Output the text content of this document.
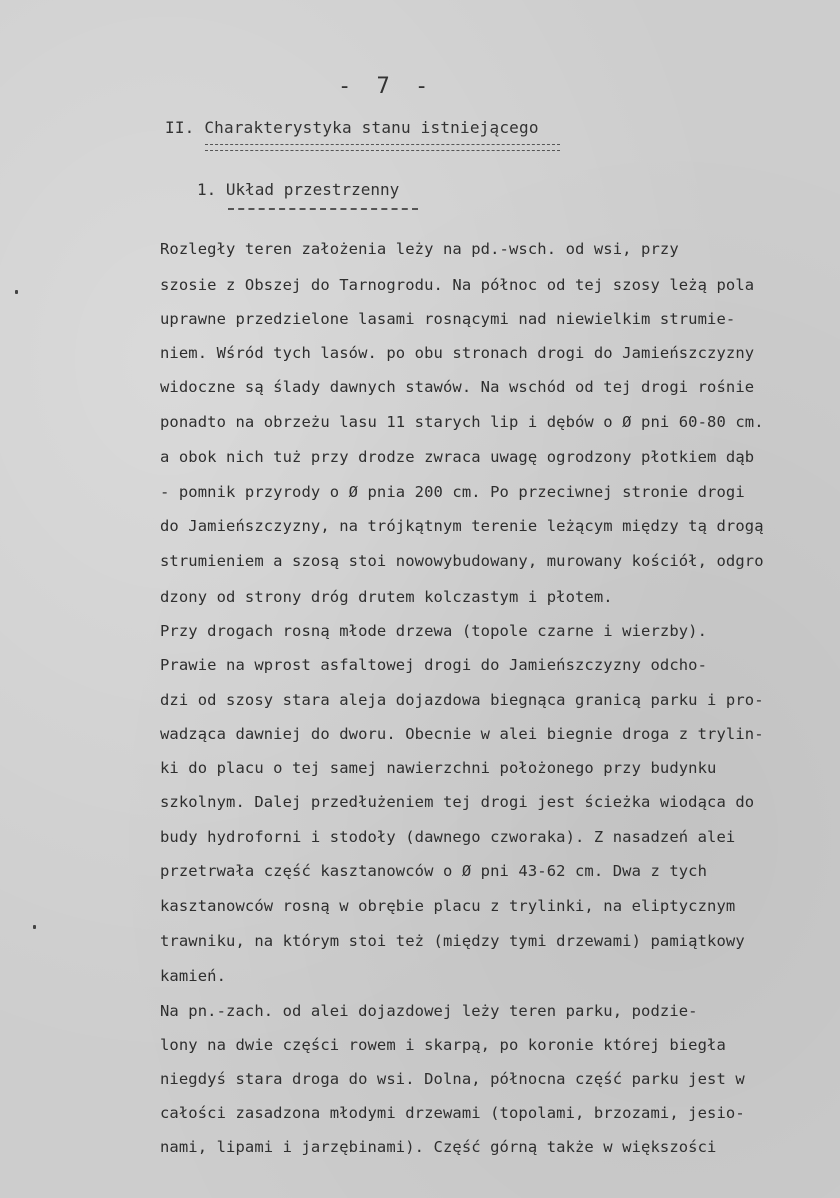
- 7 -
II. Charakterystyka stanu istniejącego
1. Układ przestrzenny
Rozległy teren założenia leży na pd.-wsch. od wsi, przy
szosie z Obszej do Tarnogrodu. Na północ od tej szosy leżą pola
uprawne przedzielone lasami rosnącymi nad niewielkim strumie-
niem. Wśród tych lasów. po obu stronach drogi do Jamieńszczyzny
widoczne są ślady dawnych stawów. Na wschód od tej drogi rośnie
ponadto na obrzeżu lasu 11 starych lip i dębów o Ø pni 60-80 cm.
a obok nich tuż przy drodze zwraca uwagę ogrodzony płotkiem dąb
- pomnik przyrody o Ø pnia 200 cm. Po przeciwnej stronie drogi
do Jamieńszczyzny, na trójkątnym terenie leżącym między tą drogą
strumieniem a szosą stoi nowowybudowany, murowany kościół, odgro
dzony od strony dróg drutem kolczastym i płotem.
Przy drogach rosną młode drzewa (topole czarne i wierzby).
Prawie na wprost asfaltowej drogi do Jamieńszczyzny odcho-
dzi od szosy stara aleja dojazdowa biegnąca granicą parku i pro-
wadząca dawniej do dworu. Obecnie w alei biegnie droga z trylin-
ki do placu o tej samej nawierzchni położonego przy budynku
szkolnym. Dalej przedłużeniem tej drogi jest ścieżka wiodąca do
budy hydroforni i stodoły (dawnego czworaka). Z nasadzeń alei
przetrwała część kasztanowców o Ø pni 43-62 cm. Dwa z tych
kasztanowców rosną w obrębie placu z trylinki, na eliptycznym
trawniku, na którym stoi też (między tymi drzewami) pamiątkowy
kamień.
Na pn.-zach. od alei dojazdowej leży teren parku, podzie-
lony na dwie części rowem i skarpą, po koronie której biegła
niegdyś stara droga do wsi. Dolna, północna część parku jest w
całości zasadzona młodymi drzewami (topolami, brzozami, jesio-
nami, lipami i jarzębinami). Część górną także w większości
